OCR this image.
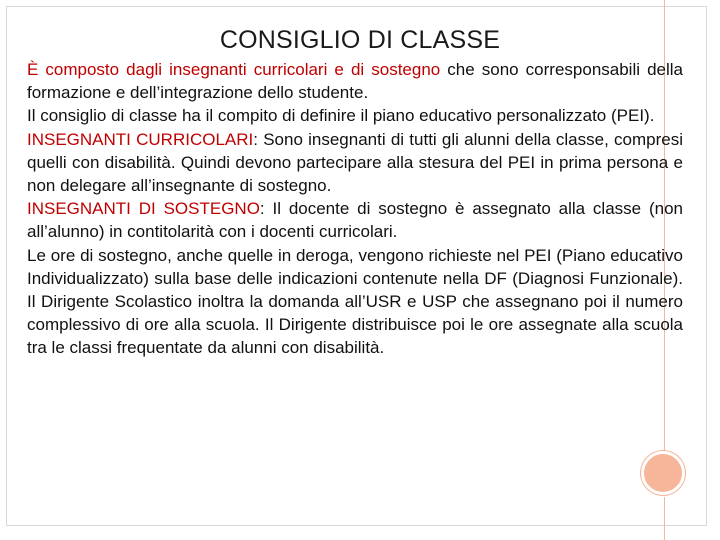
CONSIGLIO DI CLASSE

È composto dagli insegnanti curricolari e di sostegno che sono corresponsabili della formazione e dell’integrazione dello studente.

Il consiglio di classe ha il compito di definire il piano educativo personalizzato (PEI).

INSEGNANTI CURRICOLARI: Sono insegnanti di tutti gli alunni della classe, compresi quelli con disabilità. Quindi devono partecipare alla stesura del PEI in prima persona e non delegare all’insegnante di sostegno.

INSEGNANTI DI SOSTEGNO: Il docente di sostegno è assegnato alla classe (non all’alunno) in contitolarità con i docenti curricolari.

Le ore di sostegno, anche quelle in deroga, vengono richieste nel PEI (Piano educativo Individualizzato) sulla base delle indicazioni contenute nella DF (Diagnosi Funzionale). Il Dirigente Scolastico inoltra la domanda all’USR e USP che assegnano poi il numero complessivo di ore alla scuola. Il Dirigente distribuisce poi le ore assegnate alla scuola tra le classi frequentate da alunni con disabilità.
